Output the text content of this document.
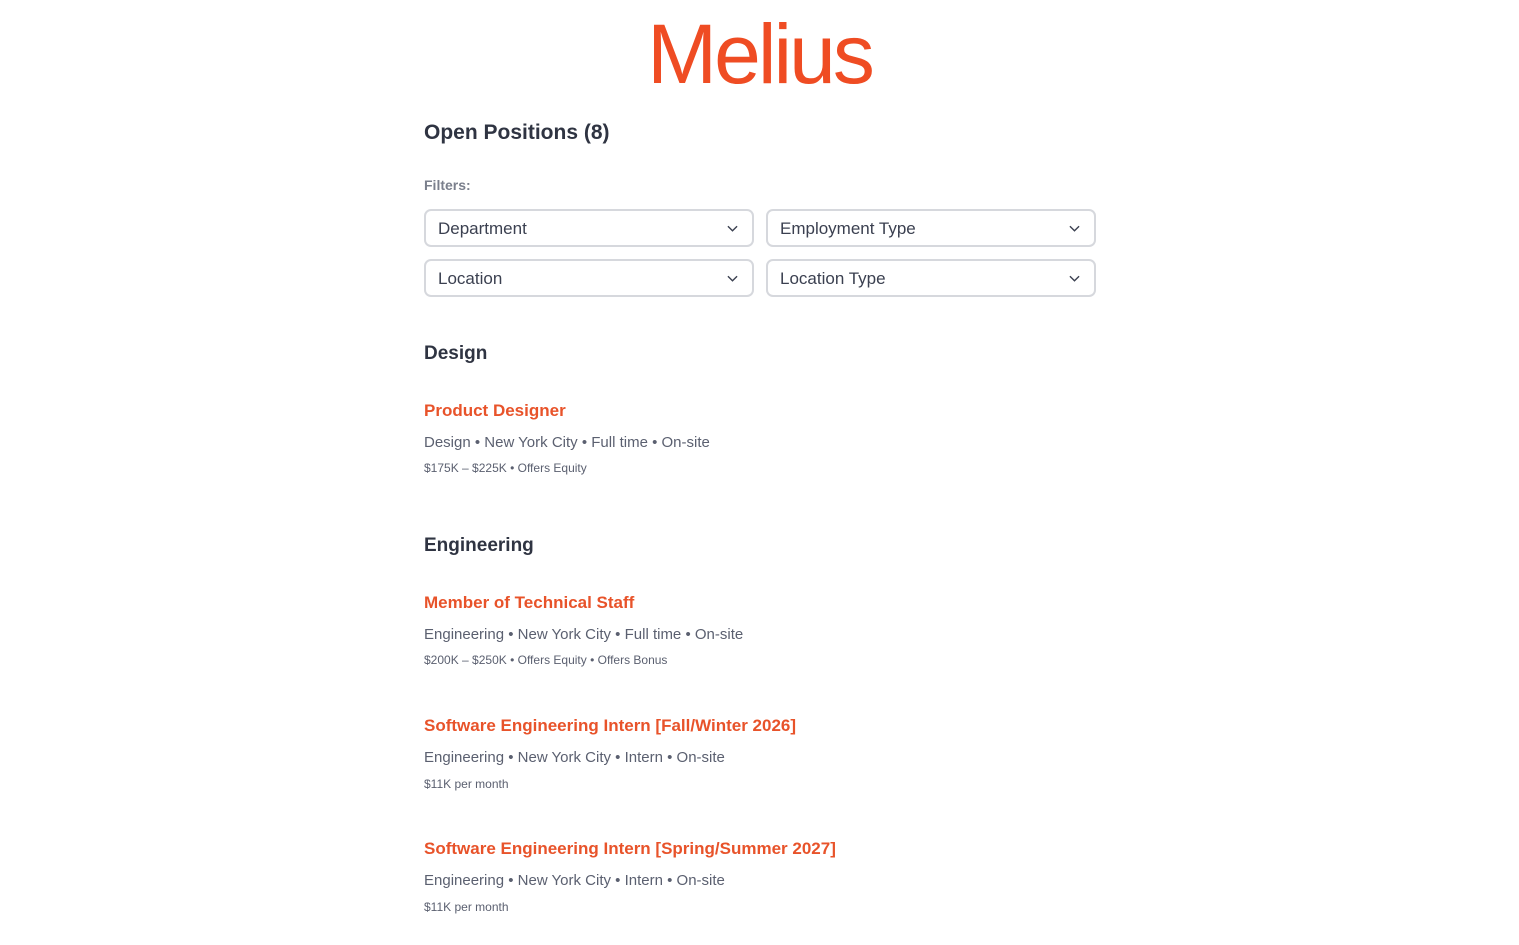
Melius
Open Positions (8)
Filters:
Department	Employment Type
Location	Location Type
Design
Product Designer
Design • New York City • Full time • On-site
$175K – $225K • Offers Equity
Engineering
Member of Technical Staff
Engineering • New York City • Full time • On-site
$200K – $250K • Offers Equity • Offers Bonus
Software Engineering Intern [Fall/Winter 2026]
Engineering • New York City • Intern • On-site
$11K per month
Software Engineering Intern [Spring/Summer 2027]
Engineering • New York City • Intern • On-site
$11K per month
